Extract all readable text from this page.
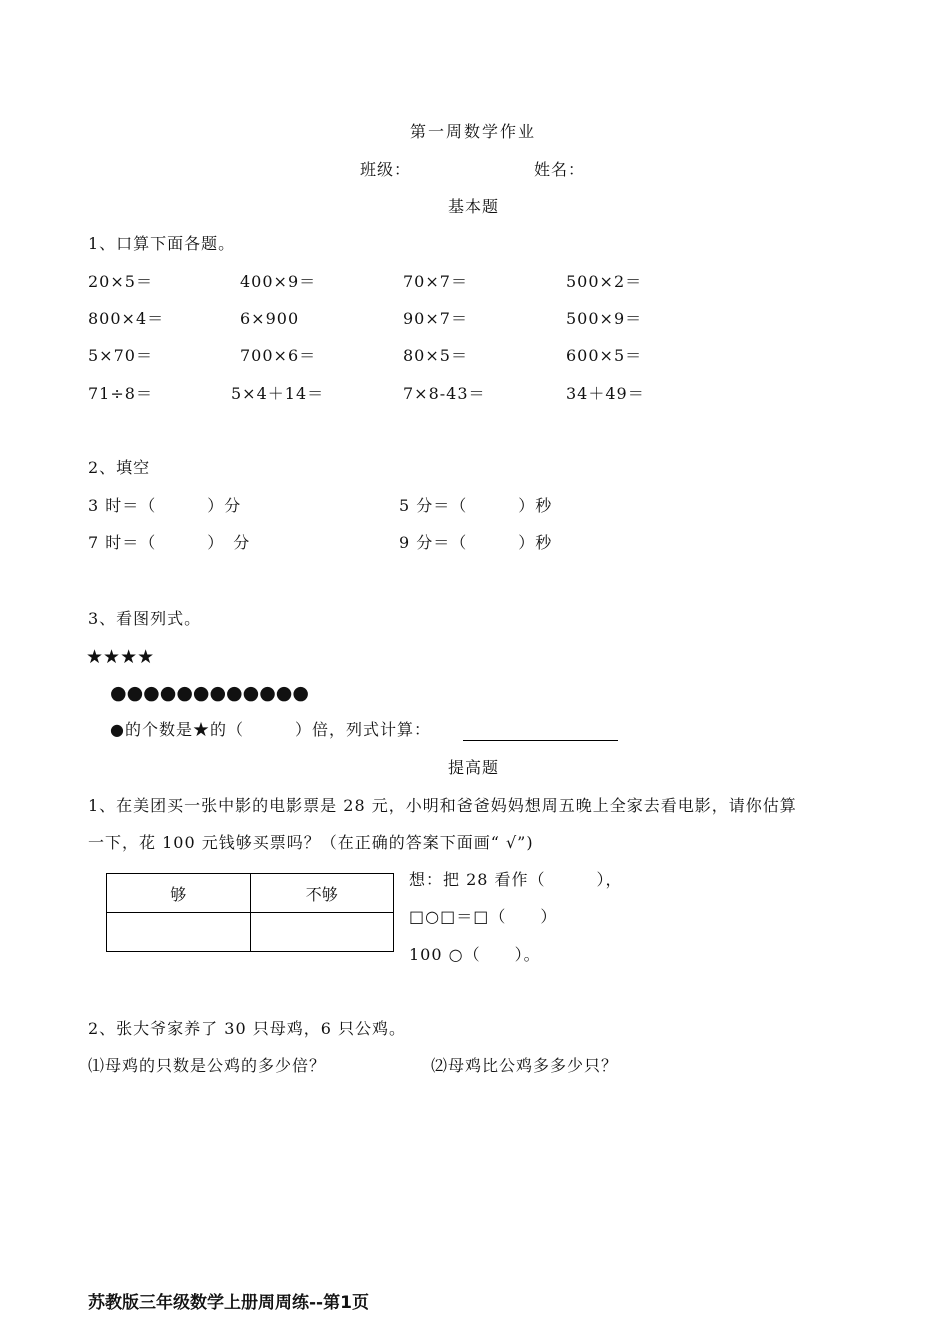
第一周数学作业
班级：	姓名：
基本题
1、口算下面各题。
20×5＝	400×9＝	70×7＝	500×2＝
800×4＝	6×900	90×7＝	500×9＝
5×70＝	700×6＝	80×5＝	600×5＝
71÷8＝	5×4＋14＝	7×8-43＝	34＋49＝
2、填空
3 时＝（　　　）分	5 分＝（　　　）秒
7 时＝（　　　）　分	9 分＝（　　　）秒
3、看图列式。
★★★★
●●●●●●●●●●●●
●的个数是★的（　　　）倍，列式计算：
提高题
1、在美团买一张中影的电影票是 28 元，小明和爸爸妈妈想周五晚上全家去看电影，请你估算
一下，花 100 元钱够买票吗？（在正确的答案下面画“ √”)
够	不够

想：把 28 看作（　　　），
□○□＝□（　　）
100 ○（　　）。
2、张大爷家养了 30 只母鸡，6 只公鸡。
⑴母鸡的只数是公鸡的多少倍？	⑵母鸡比公鸡多多少只？
苏教版三年级数学上册周周练--第1页
